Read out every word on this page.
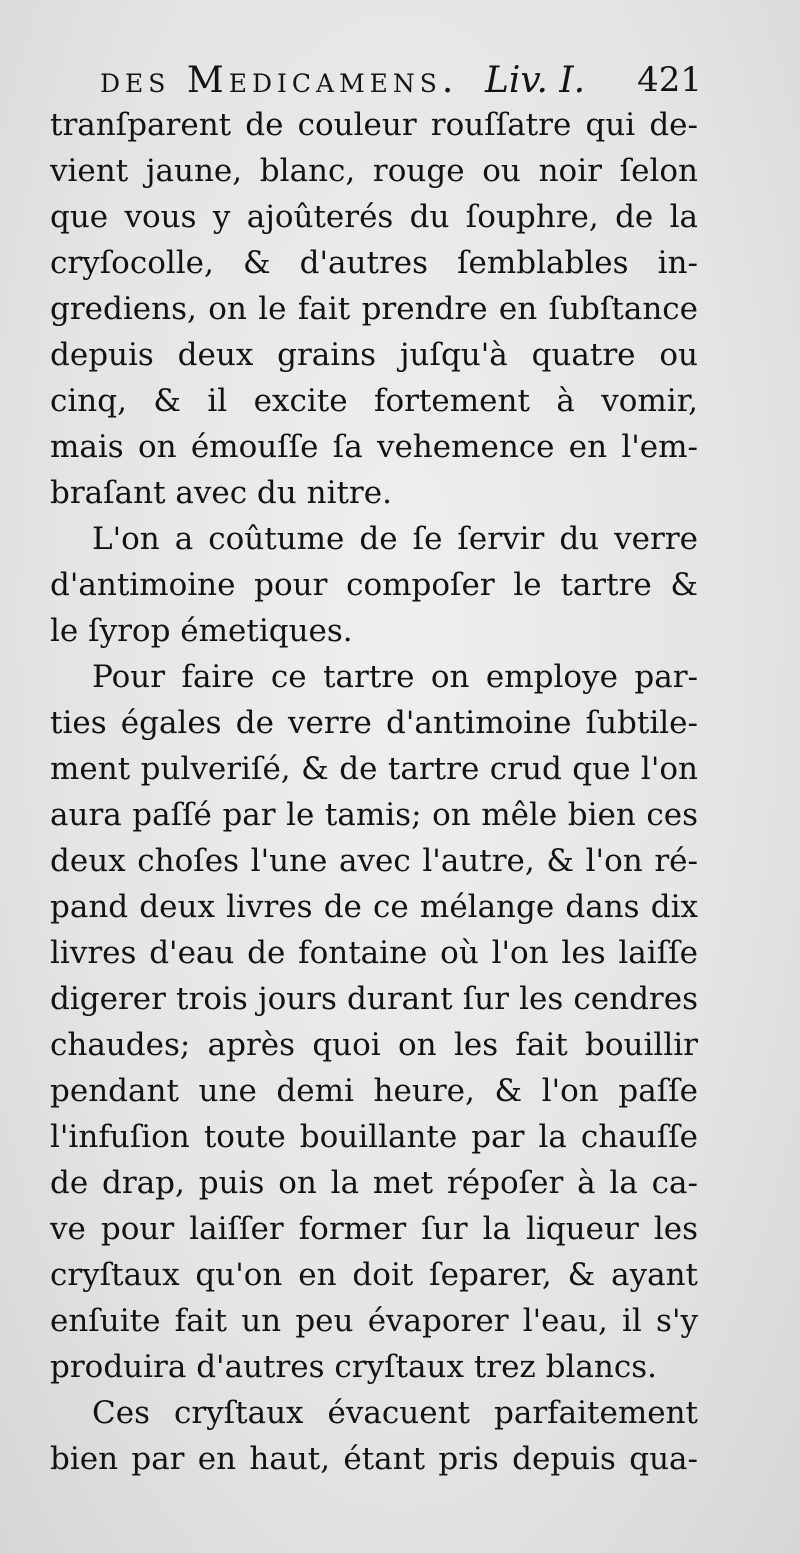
des Medicamens. Liv. I. 421
tranſparent de couleur rouſſatre qui de-
vient jaune, blanc, rouge ou noir ſelon
que vous y ajoûterés du ſouphre, de la
cryſocolle, & d'autres ſemblables in-
grediens, on le fait prendre en ſubſtance
depuis deux grains juſqu'à quatre ou
cinq, & il excite fortement à vomir,
mais on émouſſe ſa vehemence en l'em-
braſant avec du nitre.
L'on a coûtume de ſe ſervir du verre
d'antimoine pour compoſer le tartre &
le ſyrop émetiques.
Pour faire ce tartre on employe par-
ties égales de verre d'antimoine ſubtile-
ment pulveriſé, & de tartre crud que l'on
aura paſſé par le tamis; on mêle bien ces
deux choſes l'une avec l'autre, & l'on ré-
pand deux livres de ce mélange dans dix
livres d'eau de fontaine où l'on les laiſſe
digerer trois jours durant ſur les cendres
chaudes; après quoi on les fait bouillir
pendant une demi heure, & l'on paſſe
l'infuſion toute bouillante par la chauſſe
de drap, puis on la met répoſer à la ca-
ve pour laiſſer former ſur la liqueur les
cryſtaux qu'on en doit ſeparer, & ayant
enſuite fait un peu évaporer l'eau, il s'y
produira d'autres cryſtaux trez blancs.
Ces cryſtaux évacuent parfaitement
bien par en haut, étant pris depuis qua-
